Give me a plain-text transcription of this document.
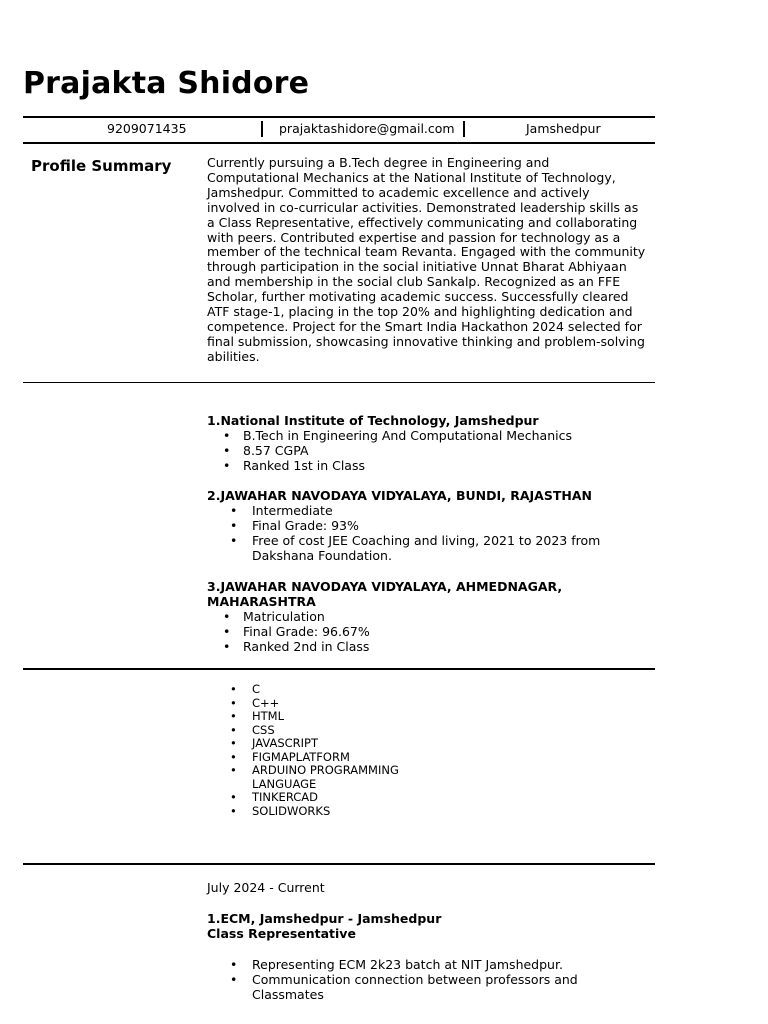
Prajakta Shidore
9209071435	prajaktashidore@gmail.com	Jamshedpur
Profile Summary	Currently pursuing a B.Tech degree in Engineering and
Computational Mechanics at the National Institute of Technology,
Jamshedpur. Committed to academic excellence and actively
involved in co-curricular activities. Demonstrated leadership skills as
a Class Representative, effectively communicating and collaborating
with peers. Contributed expertise and passion for technology as a
member of the technical team Revanta. Engaged with the community
through participation in the social initiative Unnat Bharat Abhiyaan
and membership in the social club Sankalp. Recognized as an FFE
Scholar, further motivating academic success. Successfully cleared
ATF stage-1, placing in the top 20% and highlighting dedication and
competence. Project for the Smart India Hackathon 2024 selected for
final submission, showcasing innovative thinking and problem-solving
abilities.
1.National Institute of Technology, Jamshedpur
• B.Tech in Engineering And Computational Mechanics
• 8.57 CGPA
• Ranked 1st in Class
2.JAWAHAR NAVODAYA VIDYALAYA, BUNDI, RAJASTHAN
• Intermediate
• Final Grade: 93%
• Free of cost JEE Coaching and living, 2021 to 2023 from
Dakshana Foundation.
3.JAWAHAR NAVODAYA VIDYALAYA, AHMEDNAGAR,
MAHARASHTRA
• Matriculation
• Final Grade: 96.67%
• Ranked 2nd in Class
• C
• C++
• HTML
• CSS
• JAVASCRIPT
• FIGMAPLATFORM
• ARDUINO PROGRAMMING
LANGUAGE
• TINKERCAD
• SOLIDWORKS
July 2024 - Current
1.ECM, Jamshedpur - Jamshedpur
Class Representative
• Representing ECM 2k23 batch at NIT Jamshedpur.
• Communication connection between professors and
Classmates
